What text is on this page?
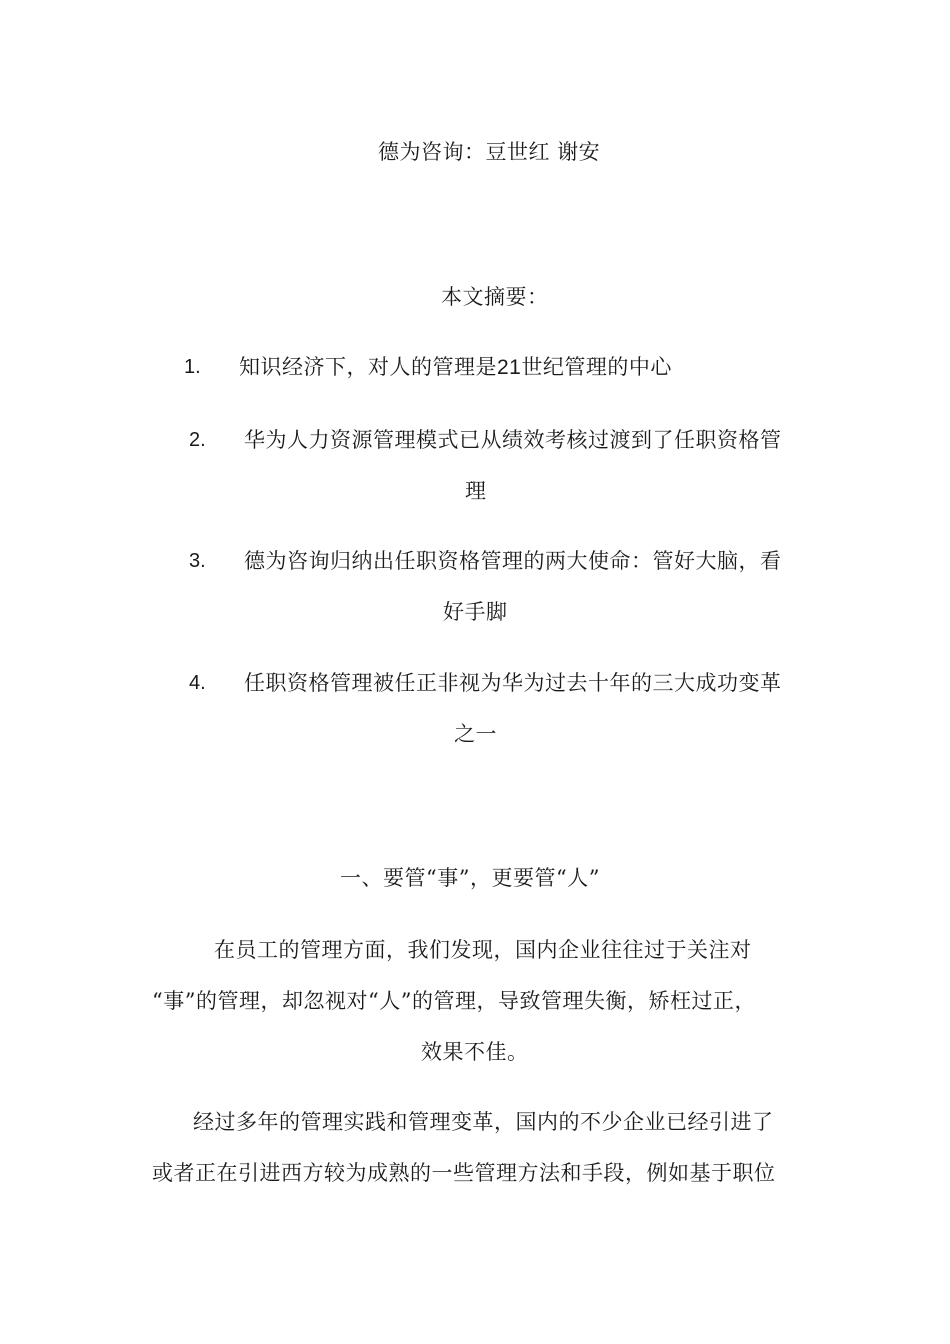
德为咨询：豆世红 谢安
本文摘要：
1. 知识经济下，对人的管理是21世纪管理的中心
2. 华为人力资源管理模式已从绩效考核过渡到了任职资格管
理
3. 德为咨询归纳出任职资格管理的两大使命：管好大脑，看
好手脚
4. 任职资格管理被任正非视为华为过去十年的三大成功变革
之一
一、要管“事”，更要管“人”
在员工的管理方面，我们发现，国内企业往往过于关注对
“事”的管理，却忽视对“人”的管理，导致管理失衡，矫枉过正，
效果不佳。
经过多年的管理实践和管理变革，国内的不少企业已经引进了
或者正在引进西方较为成熟的一些管理方法和手段，例如基于职位
